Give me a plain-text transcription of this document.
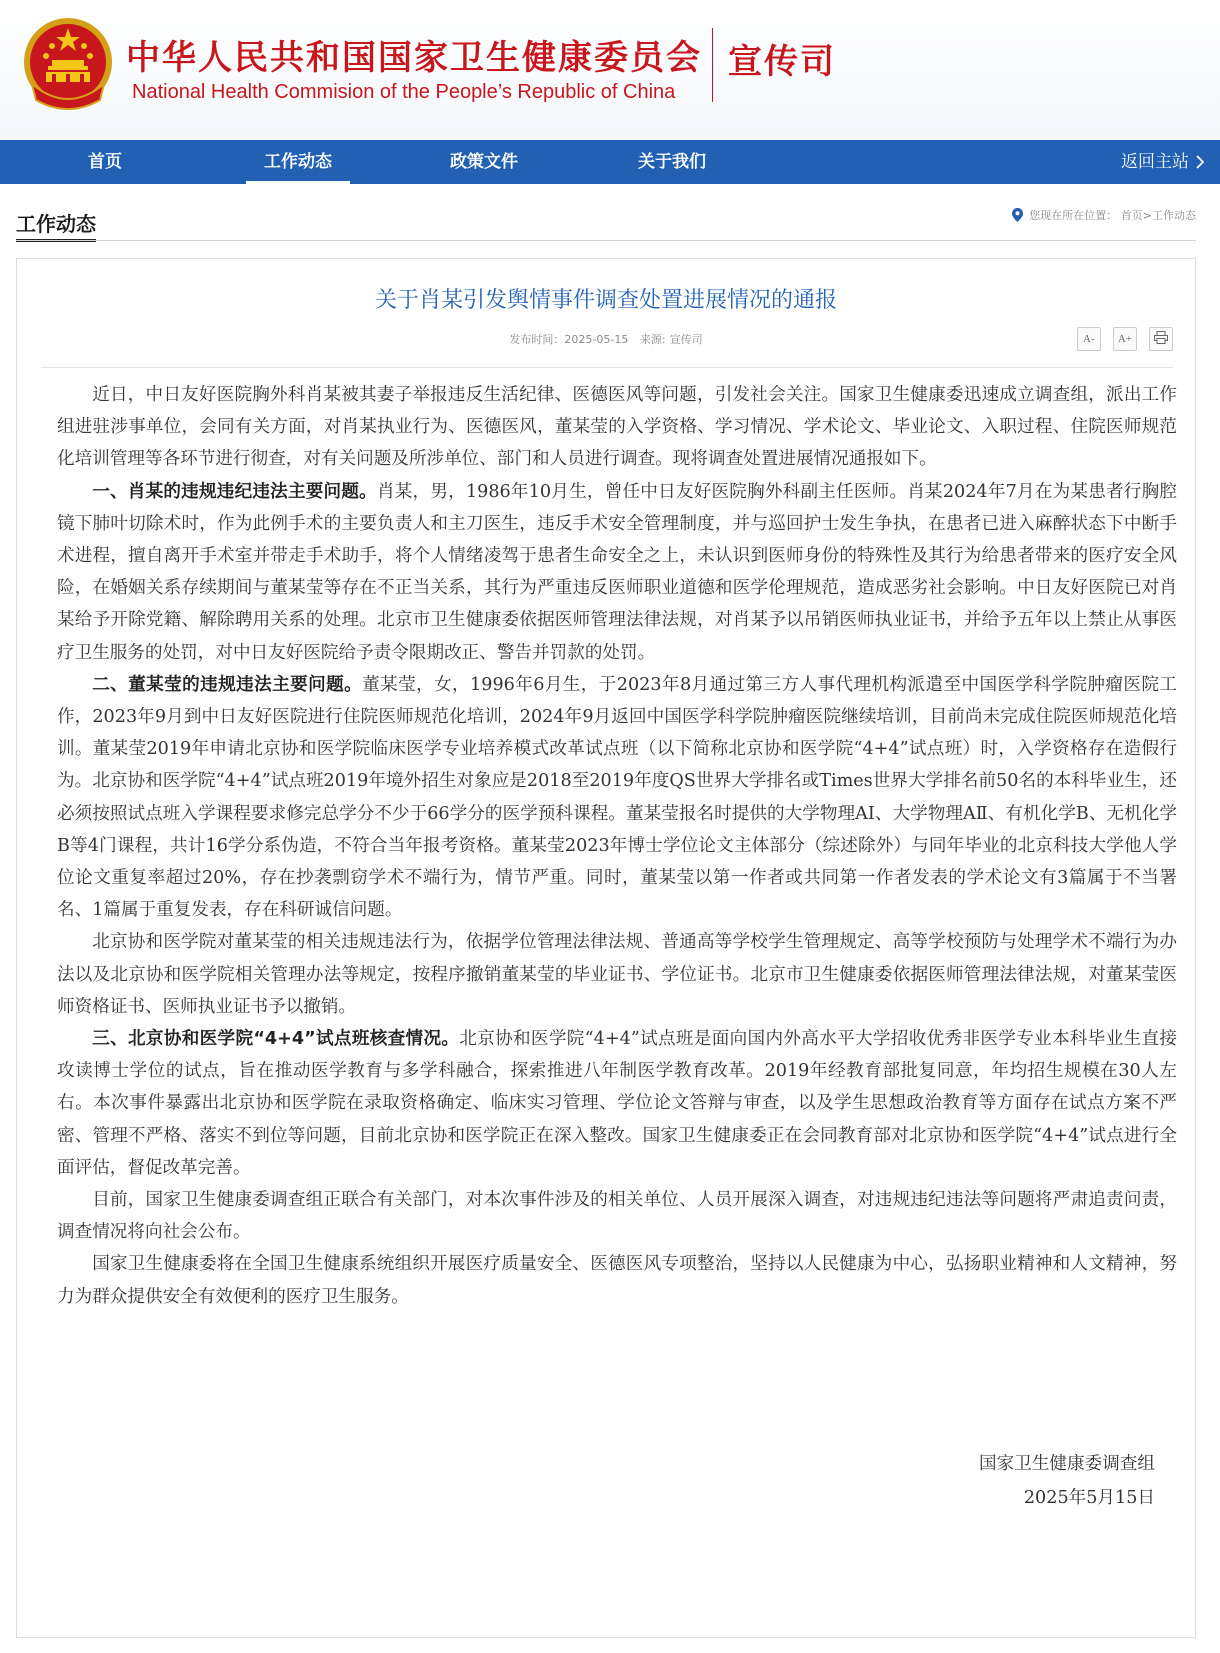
中华人民共和国国家卫生健康委员会
National Health Commision of the People’s Republic of China
宣传司
首页	工作动态	政策文件	关于我们	返回主站
工作动态	您现在所在位置： 首页>工作动态
关于肖某引发舆情事件调查处置进展情况的通报
发布时间：2025-05-15 来源: 宣传司	A- A+

近日，中日友好医院胸外科肖某被其妻子举报违反生活纪律、医德医风等问题，引发社会关注。国家卫生健康委迅速成立调查组，派出工作组进驻涉事单位，会同有关方面，对肖某执业行为、医德医风，董某莹的入学资格、学习情况、学术论文、毕业论文、入职过程、住院医师规范化培训管理等各环节进行彻查，对有关问题及所涉单位、部门和人员进行调查。现将调查处置进展情况通报如下。

一、肖某的违规违纪违法主要问题。肖某，男，1986年10月生，曾任中日友好医院胸外科副主任医师。肖某2024年7月在为某患者行胸腔镜下肺叶切除术时，作为此例手术的主要负责人和主刀医生，违反手术安全管理制度，并与巡回护士发生争执，在患者已进入麻醉状态下中断手术进程，擅自离开手术室并带走手术助手，将个人情绪凌驾于患者生命安全之上，未认识到医师身份的特殊性及其行为给患者带来的医疗安全风险，在婚姻关系存续期间与董某莹等存在不正当关系，其行为严重违反医师职业道德和医学伦理规范，造成恶劣社会影响。中日友好医院已对肖某给予开除党籍、解除聘用关系的处理。北京市卫生健康委依据医师管理法律法规，对肖某予以吊销医师执业证书，并给予五年以上禁止从事医疗卫生服务的处罚，对中日友好医院给予责令限期改正、警告并罚款的处罚。

二、董某莹的违规违法主要问题。董某莹，女，1996年6月生，于2023年8月通过第三方人事代理机构派遣至中国医学科学院肿瘤医院工作，2023年9月到中日友好医院进行住院医师规范化培训，2024年9月返回中国医学科学院肿瘤医院继续培训，目前尚未完成住院医师规范化培训。董某莹2019年申请北京协和医学院临床医学专业培养模式改革试点班（以下简称北京协和医学院“4+4”试点班）时，入学资格存在造假行为。北京协和医学院“4+4”试点班2019年境外招生对象应是2018至2019年度QS世界大学排名或Times世界大学排名前50名的本科毕业生，还必须按照试点班入学课程要求修完总学分不少于66学分的医学预科课程。董某莹报名时提供的大学物理AⅠ、大学物理AⅡ、有机化学B、无机化学B等4门课程，共计16学分系伪造，不符合当年报考资格。董某莹2023年博士学位论文主体部分（综述除外）与同年毕业的北京科技大学他人学位论文重复率超过20%，存在抄袭剽窃学术不端行为，情节严重。同时，董某莹以第一作者或共同第一作者发表的学术论文有3篇属于不当署名、1篇属于重复发表，存在科研诚信问题。

北京协和医学院对董某莹的相关违规违法行为，依据学位管理法律法规、普通高等学校学生管理规定、高等学校预防与处理学术不端行为办法以及北京协和医学院相关管理办法等规定，按程序撤销董某莹的毕业证书、学位证书。北京市卫生健康委依据医师管理法律法规，对董某莹医师资格证书、医师执业证书予以撤销。

三、北京协和医学院“4+4”试点班核查情况。北京协和医学院“4+4”试点班是面向国内外高水平大学招收优秀非医学专业本科毕业生直接攻读博士学位的试点，旨在推动医学教育与多学科融合，探索推进八年制医学教育改革。2019年经教育部批复同意，年均招生规模在30人左右。本次事件暴露出北京协和医学院在录取资格确定、临床实习管理、学位论文答辩与审查，以及学生思想政治教育等方面存在试点方案不严密、管理不严格、落实不到位等问题，目前北京协和医学院正在深入整改。国家卫生健康委正在会同教育部对北京协和医学院“4+4”试点进行全面评估，督促改革完善。

目前，国家卫生健康委调查组正联合有关部门，对本次事件涉及的相关单位、人员开展深入调查，对违规违纪违法等问题将严肃追责问责，调查情况将向社会公布。

国家卫生健康委将在全国卫生健康系统组织开展医疗质量安全、医德医风专项整治，坚持以人民健康为中心，弘扬职业精神和人文精神，努力为群众提供安全有效便利的医疗卫生服务。

国家卫生健康委调查组
2025年5月15日
